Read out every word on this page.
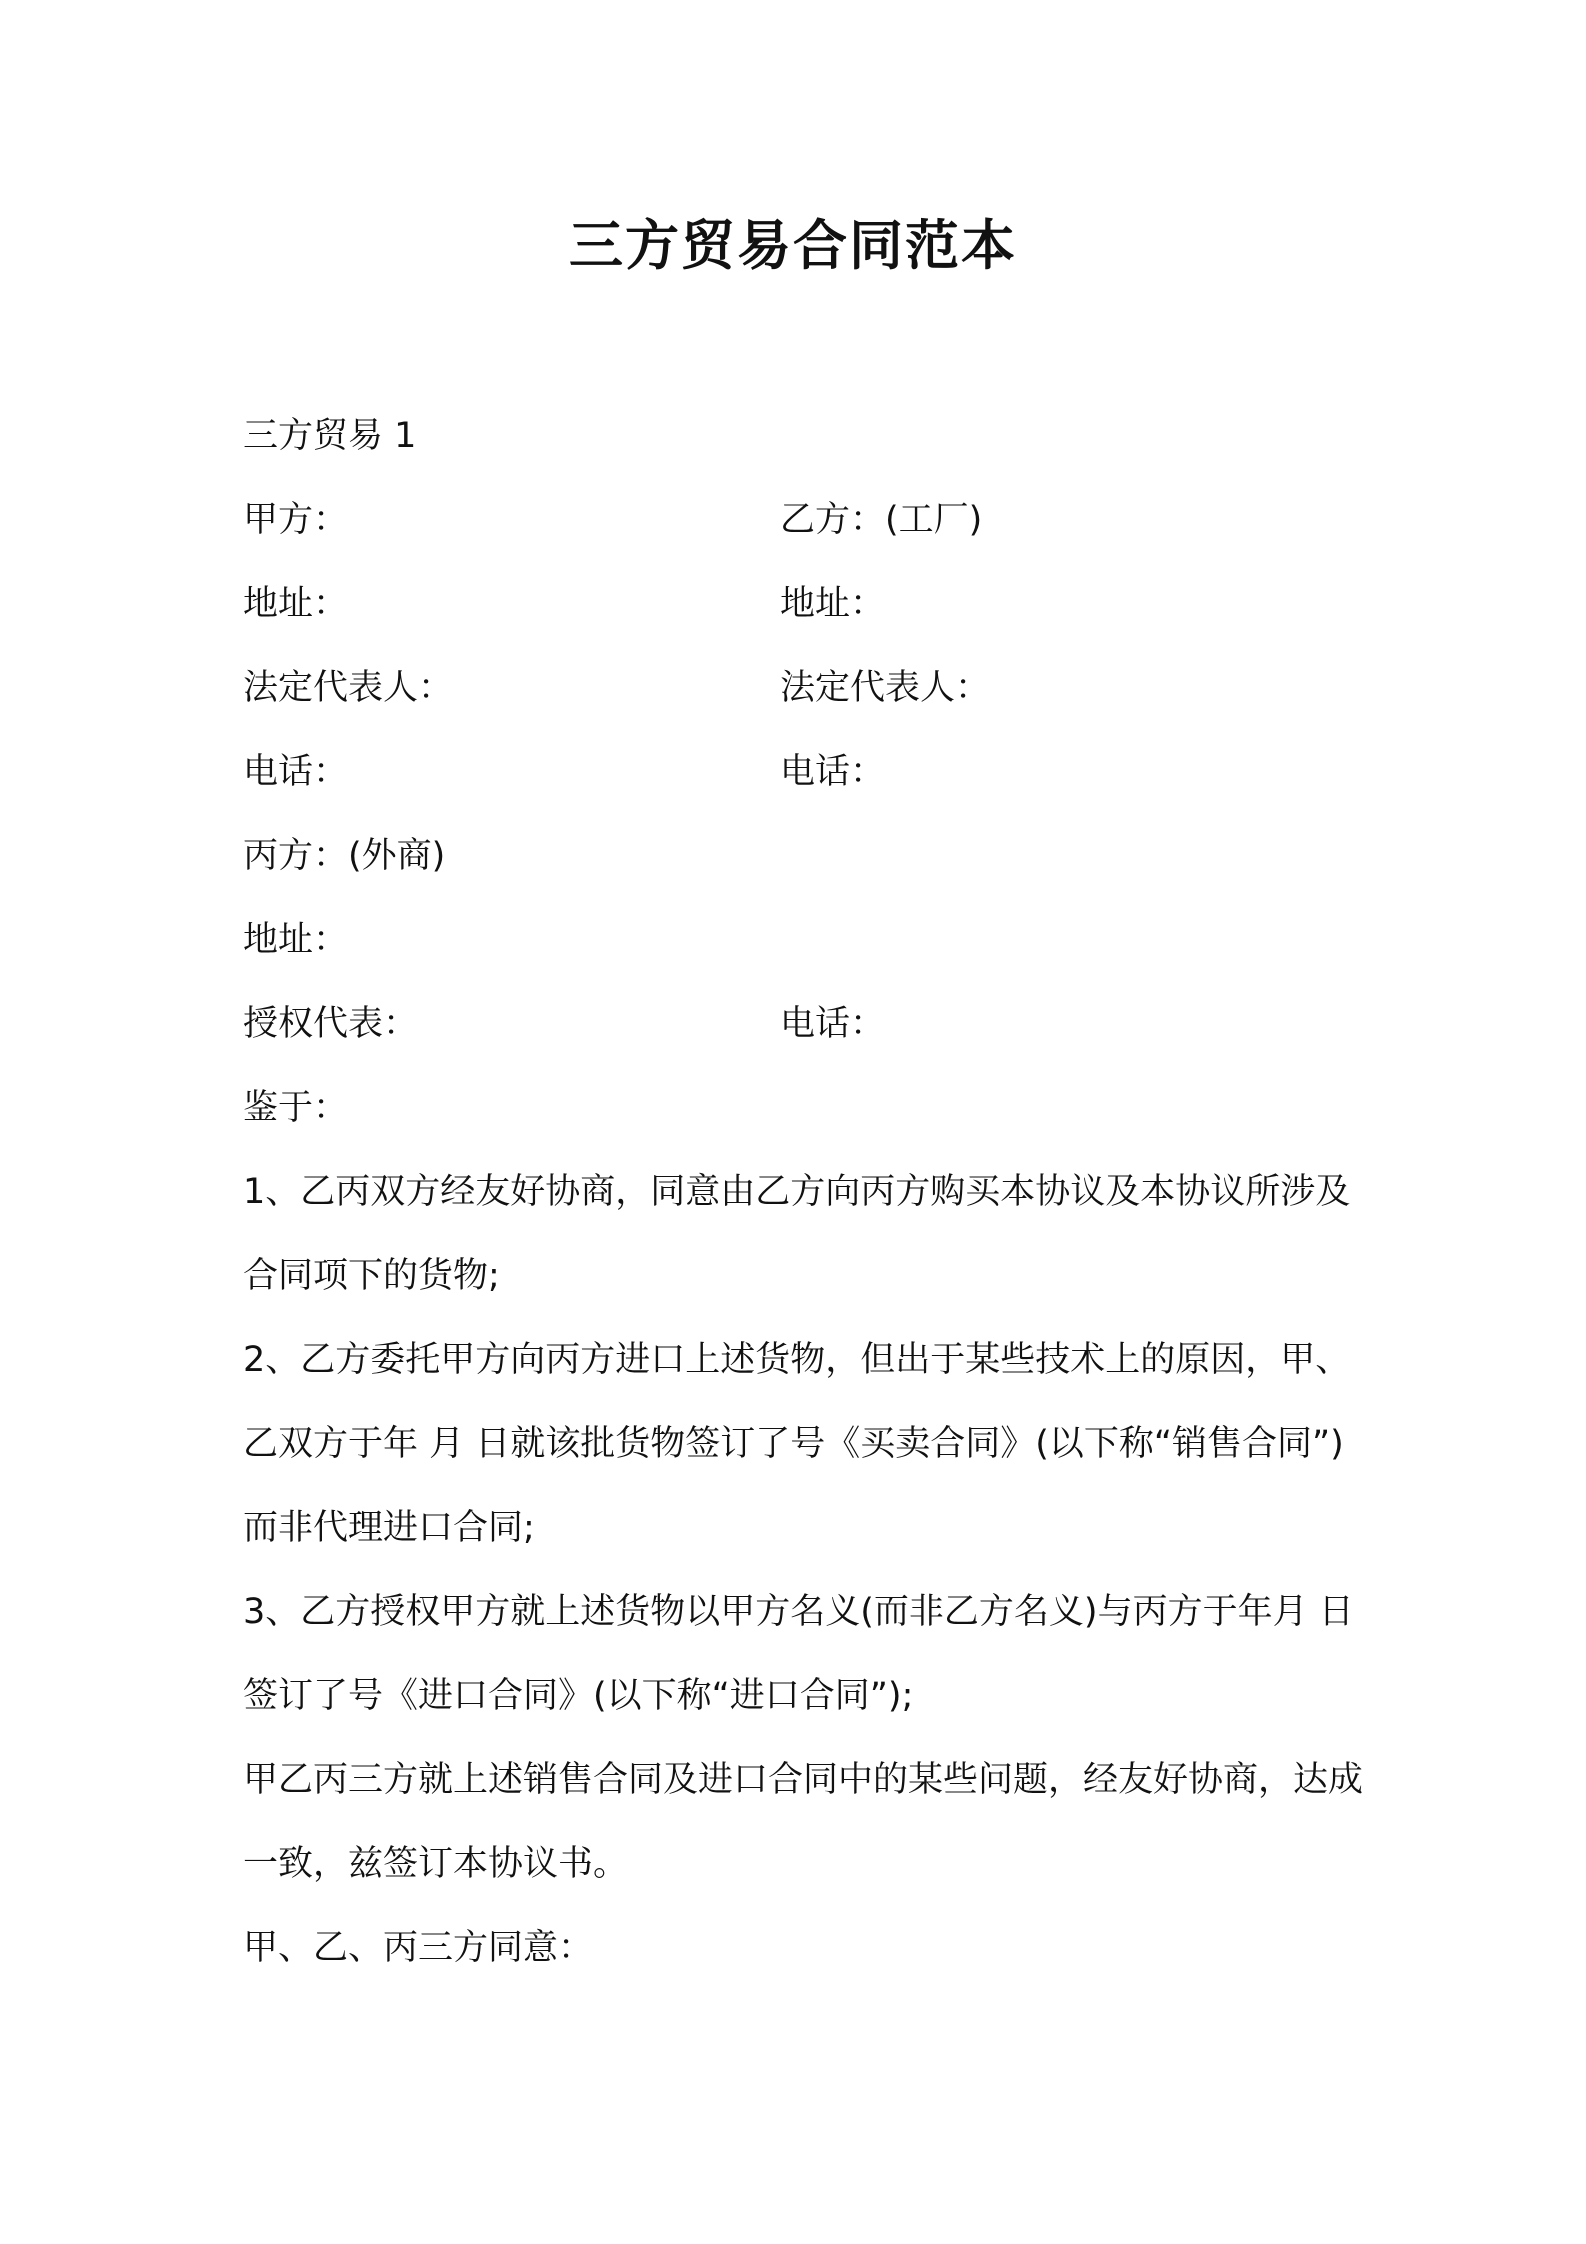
三方贸易合同范本
三方贸易 1
甲方：	乙方：(工厂)
地址：	地址：
法定代表人：	法定代表人：
电话：	电话：
丙方：(外商)
地址：
授权代表：	电话：
鉴于：
1、乙丙双方经友好协商，同意由乙方向丙方购买本协议及本协议所涉及合同项下的货物;
2、乙方委托甲方向丙方进口上述货物，但出于某些技术上的原因，甲、乙双方于年 月 日就该批货物签订了号《买卖合同》(以下称“销售合同”)而非代理进口合同;
3、乙方授权甲方就上述货物以甲方名义(而非乙方名义)与丙方于年月 日签订了号《进口合同》(以下称“进口合同”);
甲乙丙三方就上述销售合同及进口合同中的某些问题，经友好协商，达成一致，兹签订本协议书。
甲、乙、丙三方同意：
